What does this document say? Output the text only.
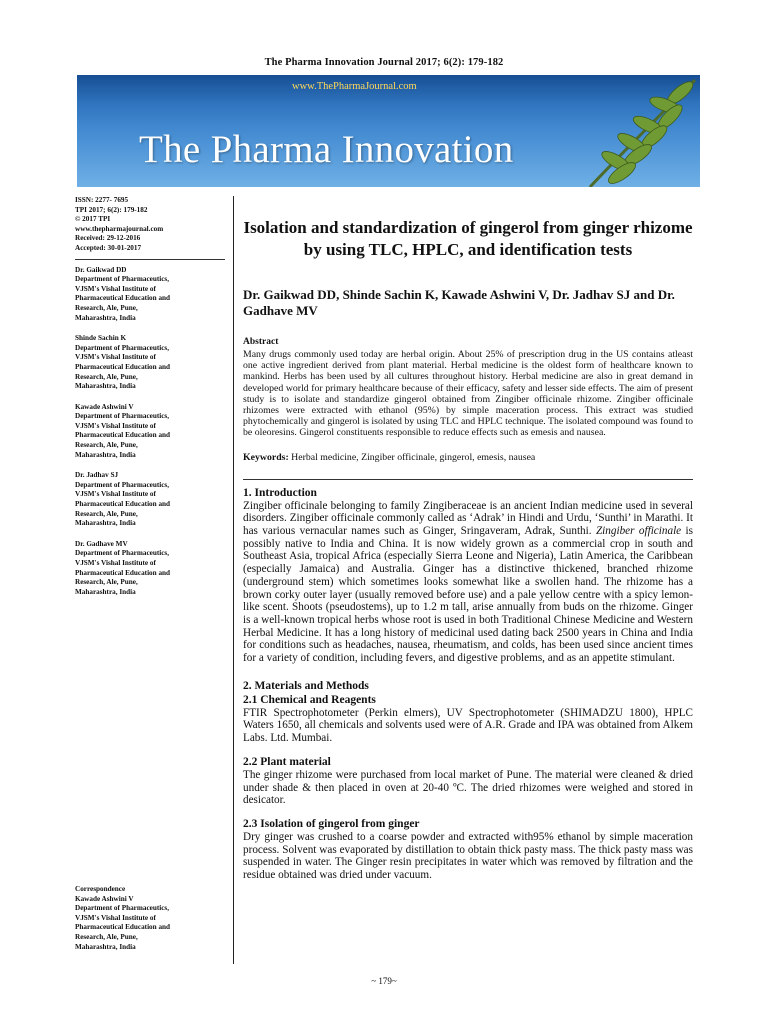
The Pharma Innovation Journal 2017; 6(2): 179-182
www.ThePharmaJournal.com
The Pharma Innovation
ISSN: 2277- 7695
TPI 2017; 6(2): 179-182
© 2017 TPI
www.thepharmajournal.com
Received: 29-12-2016
Accepted: 30-01-2017
Dr. Gaikwad DD
Department of Pharmaceutics,
VJSM's Vishal Institute of
Pharmaceutical Education and
Research, Ale, Pune,
Maharashtra, India
Shinde Sachin K
Department of Pharmaceutics,
VJSM's Vishal Institute of
Pharmaceutical Education and
Research, Ale, Pune,
Maharashtra, India
Kawade Ashwini V
Department of Pharmaceutics,
VJSM's Vishal Institute of
Pharmaceutical Education and
Research, Ale, Pune,
Maharashtra, India
Dr. Jadhav SJ
Department of Pharmaceutics,
VJSM's Vishal Institute of
Pharmaceutical Education and
Research, Ale, Pune,
Maharashtra, India
Dr. Gadhave MV
Department of Pharmaceutics,
VJSM's Vishal Institute of
Pharmaceutical Education and
Research, Ale, Pune,
Maharashtra, India
Correspondence
Kawade Ashwini V
Department of Pharmaceutics,
VJSM's Vishal Institute of
Pharmaceutical Education and
Research, Ale, Pune,
Maharashtra, India
Isolation and standardization of gingerol from ginger rhizome by using TLC, HPLC, and identification tests
Dr. Gaikwad DD, Shinde Sachin K, Kawade Ashwini V, Dr. Jadhav SJ and Dr. Gadhave MV
Abstract
Many drugs commonly used today are herbal origin. About 25% of prescription drug in the US contains atleast one active ingredient derived from plant material. Herbal medicine is the oldest form of healthcare known to mankind. Herbs has been used by all cultures throughout history. Herbal medicine are also in great demand in developed world for primary healthcare because of their efficacy, safety and lesser side effects. The aim of present study is to isolate and standardize gingerol obtained from Zingiber officinale rhizome. Zingiber officinale rhizomes were extracted with ethanol (95%) by simple maceration process. This extract was studied phytochemically and gingerol is isolated by using TLC and HPLC technique. The isolated compound was found to be oleoresins. Gingerol constituents responsible to reduce effects such as emesis and nausea.
Keywords: Herbal medicine, Zingiber officinale, gingerol, emesis, nausea
1. Introduction
Zingiber officinale belonging to family Zingiberaceae is an ancient Indian medicine used in several disorders. Zingiber officinale commonly called as ‘Adrak’ in Hindi and Urdu, ‘Sunthi’ in Marathi. It has various vernacular names such as Ginger, Sringaveram, Adrak, Sunthi. Zingiber officinale is possibly native to India and China. It is now widely grown as a commercial crop in south and Southeast Asia, tropical Africa (especially Sierra Leone and Nigeria), Latin America, the Caribbean (especially Jamaica) and Australia. Ginger has a distinctive thickened, branched rhizome (underground stem) which sometimes looks somewhat like a swollen hand. The rhizome has a brown corky outer layer (usually removed before use) and a pale yellow centre with a spicy lemon-like scent. Shoots (pseudostems), up to 1.2 m tall, arise annually from buds on the rhizome. Ginger is a well-known tropical herbs whose root is used in both Traditional Chinese Medicine and Western Herbal Medicine. It has a long history of medicinal used dating back 2500 years in China and India for conditions such as headaches, nausea, rheumatism, and colds, has been used since ancient times for a variety of condition, including fevers, and digestive problems, and as an appetite stimulant.
2. Materials and Methods
2.1 Chemical and Reagents
FTIR Spectrophotometer (Perkin elmers), UV Spectrophotometer (SHIMADZU 1800), HPLC Waters 1650, all chemicals and solvents used were of A.R. Grade and IPA was obtained from Alkem Labs. Ltd. Mumbai.
2.2 Plant material
The ginger rhizome were purchased from local market of Pune. The material were cleaned & dried under shade & then placed in oven at 20-40 ºC. The dried rhizomes were weighed and stored in desicator.
2.3 Isolation of gingerol from ginger
Dry ginger was crushed to a coarse powder and extracted with95% ethanol by simple maceration process. Solvent was evaporated by distillation to obtain thick pasty mass. The thick pasty mass was suspended in water. The Ginger resin precipitates in water which was removed by filtration and the residue obtained was dried under vacuum.
~ 179~
